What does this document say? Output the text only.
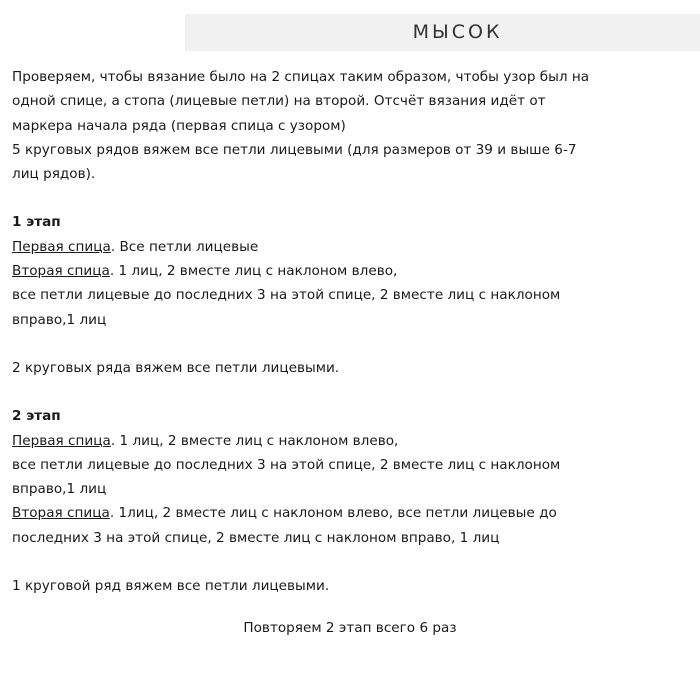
МЫСОК

Проверяем, чтобы вязание было на 2 спицах таким образом, чтобы узор был на

одной спице, а стопа (лицевые петли) на второй. Отсчёт вязания идёт от

маркера начала ряда (первая спица с узором)

5 круговых рядов вяжем все петли лицевыми (для размеров от 39 и выше 6-7

лиц рядов).

1 этап

Первая спица. Все петли лицевые

Вторая спица. 1 лиц, 2 вместе лиц с наклоном влево,

все петли лицевые до последних 3 на этой спице, 2 вместе лиц с наклоном

вправо,1 лиц

2 круговых ряда вяжем все петли лицевыми.

2 этап

Первая спица. 1 лиц, 2 вместе лиц с наклоном влево,

все петли лицевые до последних 3 на этой спице, 2 вместе лиц с наклоном

вправо,1 лиц

Вторая спица. 1лиц, 2 вместе лиц с наклоном влево, все петли лицевые до

последних 3 на этой спице, 2 вместе лиц с наклоном вправо, 1 лиц

1 круговой ряд вяжем все петли лицевыми.

Повторяем 2 этап всего 6 раз
